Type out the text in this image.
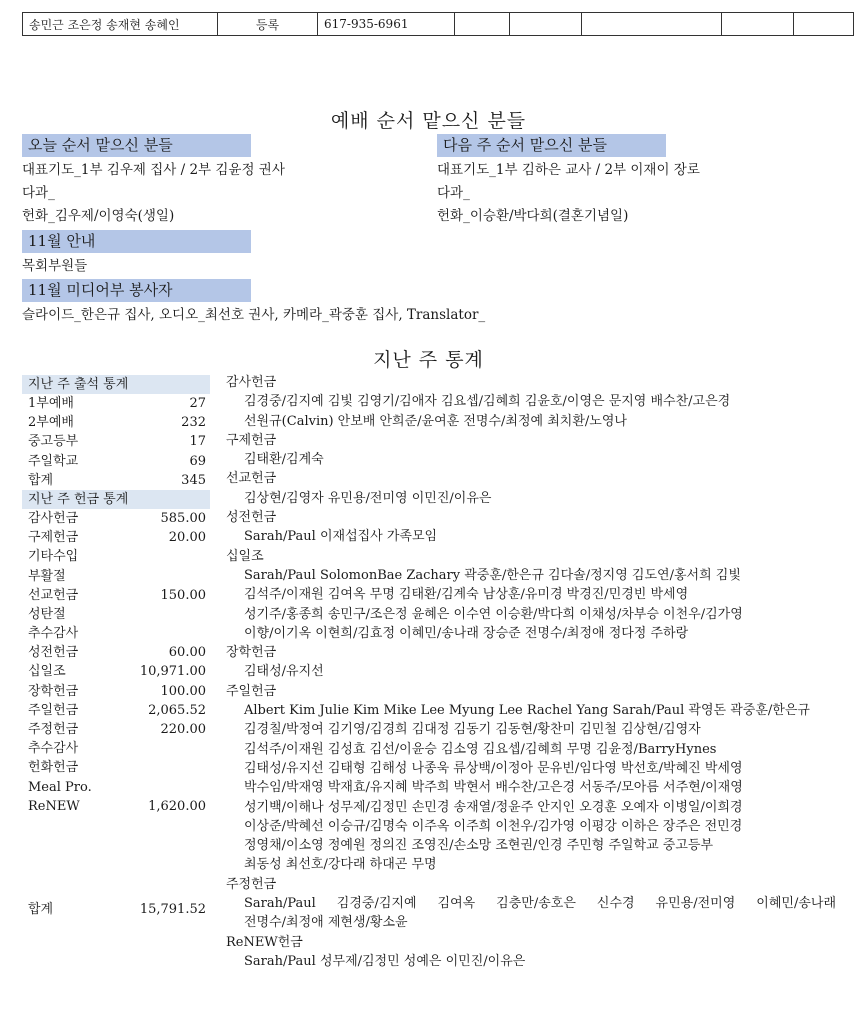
송민근 조은정 송재현 송혜인	등록	617-935-6961					
예배 순서 맡으신 분들
오늘 순서 맡으신 분들
대표기도_1부 김우제 집사 / 2부 김윤정 권사
다과_
헌화_김우제/이영숙(생일)
다음 주 순서 맡으신 분들
대표기도_1부 김하은 교사 / 2부 이재이 장로
다과_
헌화_이승환/박다희(결혼기념일)
11월 안내
목회부원들
11월 미디어부 봉사자
슬라이드_한은규 집사, 오디오_최선호 권사, 카메라_곽중훈 집사, Translator_
지난 주 통계
지난 주 출석 통계
1부예배	27
2부예배	232
중고등부	17
주일학교	69
합계	345
지난 주 헌금 통계
감사헌금	585.00
구제헌금	20.00
기타수입
부활절
선교헌금	150.00
성탄절
추수감사
성전헌금	60.00
십일조	10,971.00
장학헌금	100.00
주일헌금	2,065.52
주정헌금	220.00
추수감사
헌화헌금
Meal Pro.
ReNEW	1,620.00
합계	15,791.52
감사헌금
김경중/김지예 김빛 김영기/김애자 김요셉/김혜희 김윤호/이영은 문지영 배수찬/고은경
선원규(Calvin) 안보배 안희준/윤여훈 전명수/최정예 최치환/노영나
구제헌금
김태환/김계숙
선교헌금
김상현/김영자 유민용/전미영 이민진/이유은
성전헌금
Sarah/Paul 이재섭집사 가족모임
십일조
Sarah/Paul SolomonBae Zachary 곽중훈/한은규 김다솔/정지영 김도연/홍서희 김빛
김석주/이재원 김여옥 무명 김태환/김계숙 남상훈/유미경 박경진/민경빈 박세영
성기주/홍종희 송민구/조은정 윤혜은 이수연 이승환/박다희 이채성/차부승 이천우/김가영
이향/이기옥 이현희/김효정 이혜민/송나래 장승준 전명수/최정애 정다정 주하랑
장학헌금
김태성/유지선
주일헌금
Albert Kim Julie Kim Mike Lee Myung Lee Rachel Yang Sarah/Paul 곽영돈 곽중훈/한은규
김경칠/박정여 김기영/김경희 김대정 김동기 김동현/황찬미 김민철 김상현/김영자
김석주/이재원 김성효 김선/이윤승 김소영 김요셉/김혜희 무명 김윤정/BarryHynes
김태성/유지선 김태형 김해성 나종욱 류상백/이정아 문유빈/임다영 박선호/박혜진 박세영
박수임/박재영 박재효/유지혜 박주희 박현서 배수찬/고은경 서동주/모아름 서주현/이재영
성기백/이해나 성무제/김정민 손민경 송재열/정윤주 안지인 오경훈 오예자 이병일/이희경
이상준/박혜선 이승규/김명숙 이주옥 이주희 이천우/김가영 이평강 이하은 장주은 전민경
정영채/이소영 정예원 정의진 조영진/손소망 조현권/인경 주민형 주일학교 중고등부
최동성 최선호/강다래 하대곤 무명
주정헌금
Sarah/Paul 김경중/김지예 김여옥 김충만/송호은 신수경 유민용/전미영 이혜민/송나래
전명수/최정애 제현생/황소윤
ReNEW헌금
Sarah/Paul 성무제/김정민 성예은 이민진/이유은
